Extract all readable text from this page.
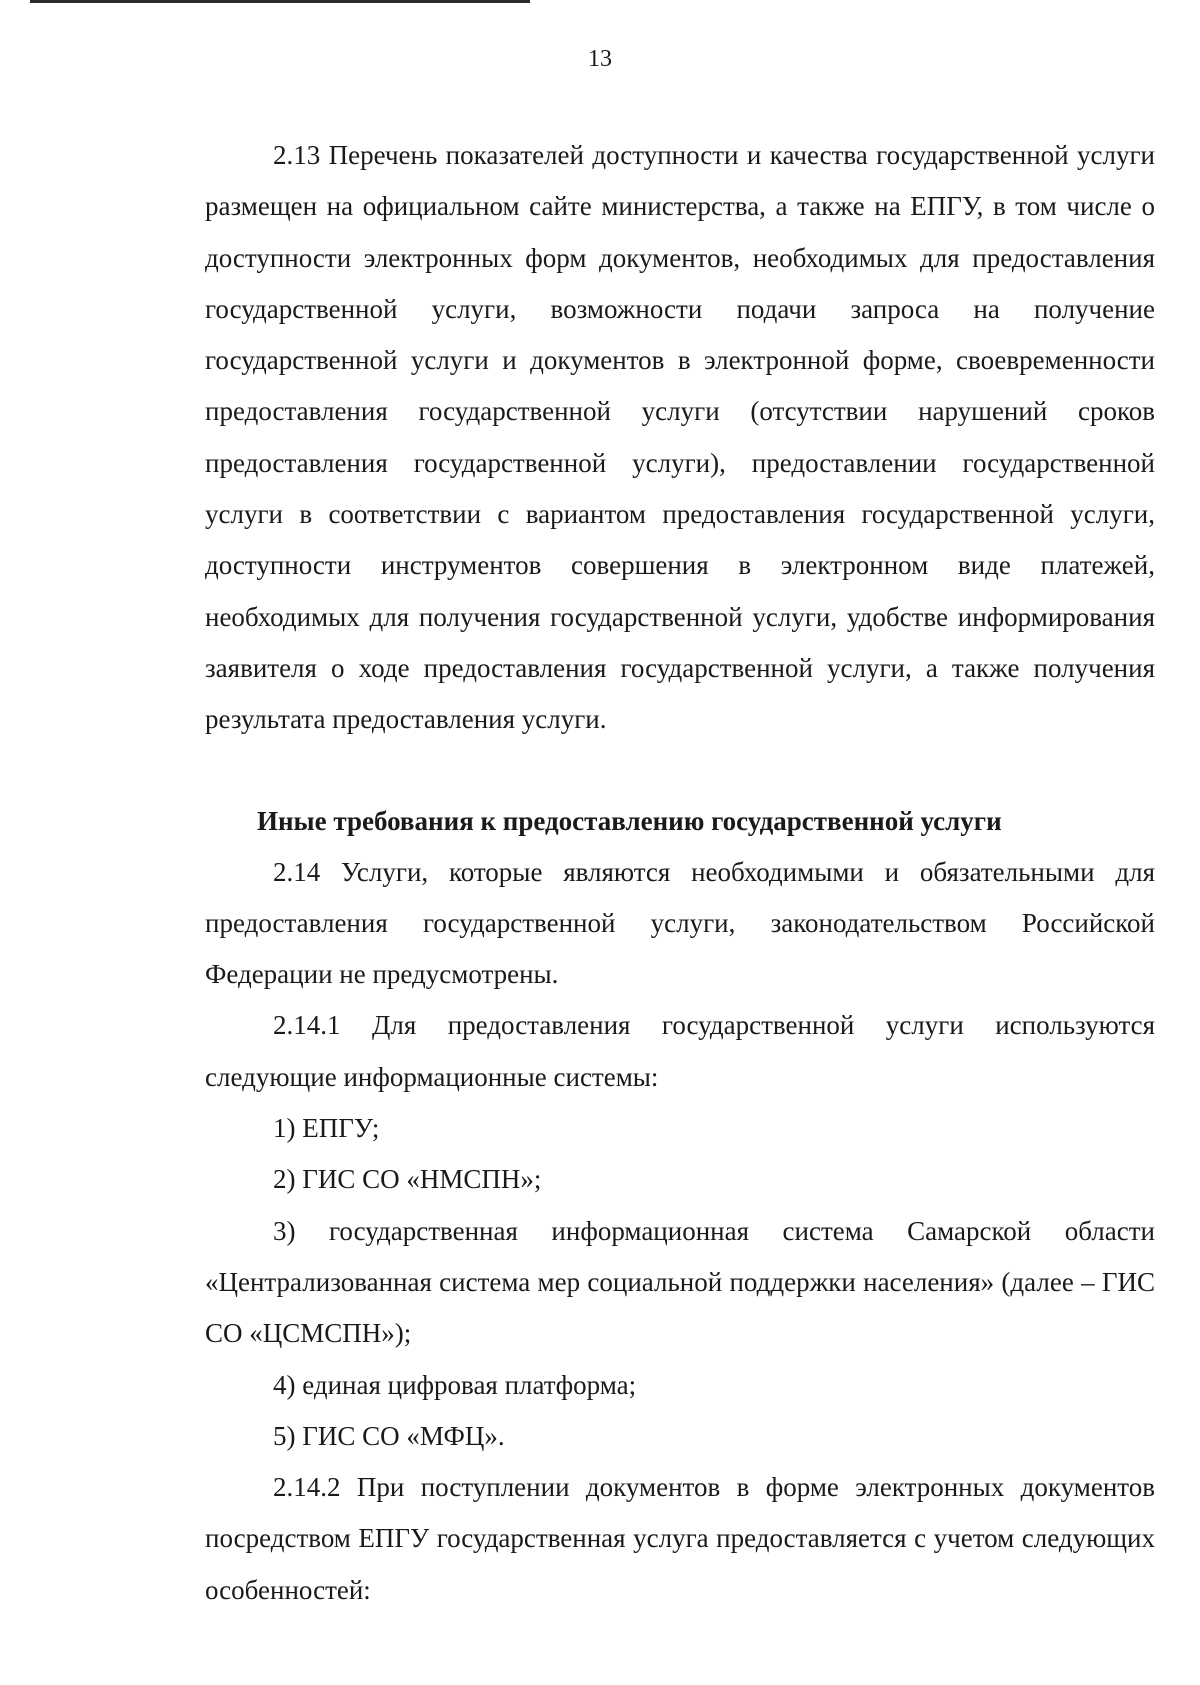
13

2.13 Перечень показателей доступности и качества государственной услуги размещен на официальном сайте министерства, а также на ЕПГУ, в том числе о доступности электронных форм документов, необходимых для предоставления государственной услуги, возможности подачи запроса на получение государственной услуги и документов в электронной форме, своевременности предоставления государственной услуги (отсутствии нарушений сроков предоставления государственной услуги), предоставлении государственной услуги в соответствии с вариантом предоставления государственной услуги, доступности инструментов совершения в электронном виде платежей, необходимых для получения государственной услуги, удобстве информирования заявителя о ходе предоставления государственной услуги, а также получения результата предоставления услуги.

Иные требования к предоставлению государственной услуги

2.14 Услуги, которые являются необходимыми и обязательными для предоставления государственной услуги, законодательством Российской Федерации не предусмотрены.

2.14.1 Для предоставления государственной услуги используются следующие информационные системы:

1) ЕПГУ;

2) ГИС СО «НМСПН»;

3) государственная информационная система Самарской области «Централизованная система мер социальной поддержки населения» (далее – ГИС СО «ЦСМСПН»);

4) единая цифровая платформа;

5) ГИС СО «МФЦ».

2.14.2 При поступлении документов в форме электронных документов посредством ЕПГУ государственная услуга предоставляется с учетом следующих особенностей:
